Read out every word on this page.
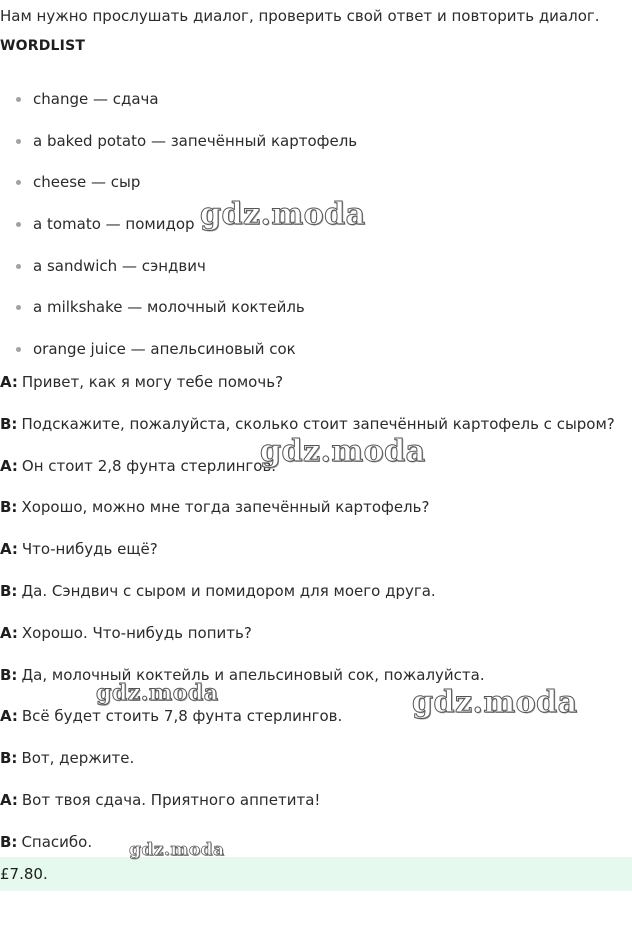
Нам нужно прослушать диалог, проверить свой ответ и повторить диалог.
WORDLIST
change — сдача
a baked potato — запечённый картофель
cheese — сыр
a tomato — помидор
a sandwich — сэндвич
a milkshake — молочный коктейль
orange juice — апельсиновый сок
A: Привет, как я могу тебе помочь?
B: Подскажите, пожалуйста, сколько стоит запечённый картофель с сыром?
A: Он стоит 2,8 фунта стерлингов.
B: Хорошо, можно мне тогда запечённый картофель?
A: Что-нибудь ещё?
B: Да. Сэндвич с сыром и помидором для моего друга.
A: Хорошо. Что-нибудь попить?
B: Да, молочный коктейль и апельсиновый сок, пожалуйста.
A: Всё будет стоить 7,8 фунта стерлингов.
B: Вот, держите.
A: Вот твоя сдача. Приятного аппетита!
B: Спасибо.
£7.80.
gdz.moda
gdz.moda
gdz.moda	gdz.moda
gdz.moda
